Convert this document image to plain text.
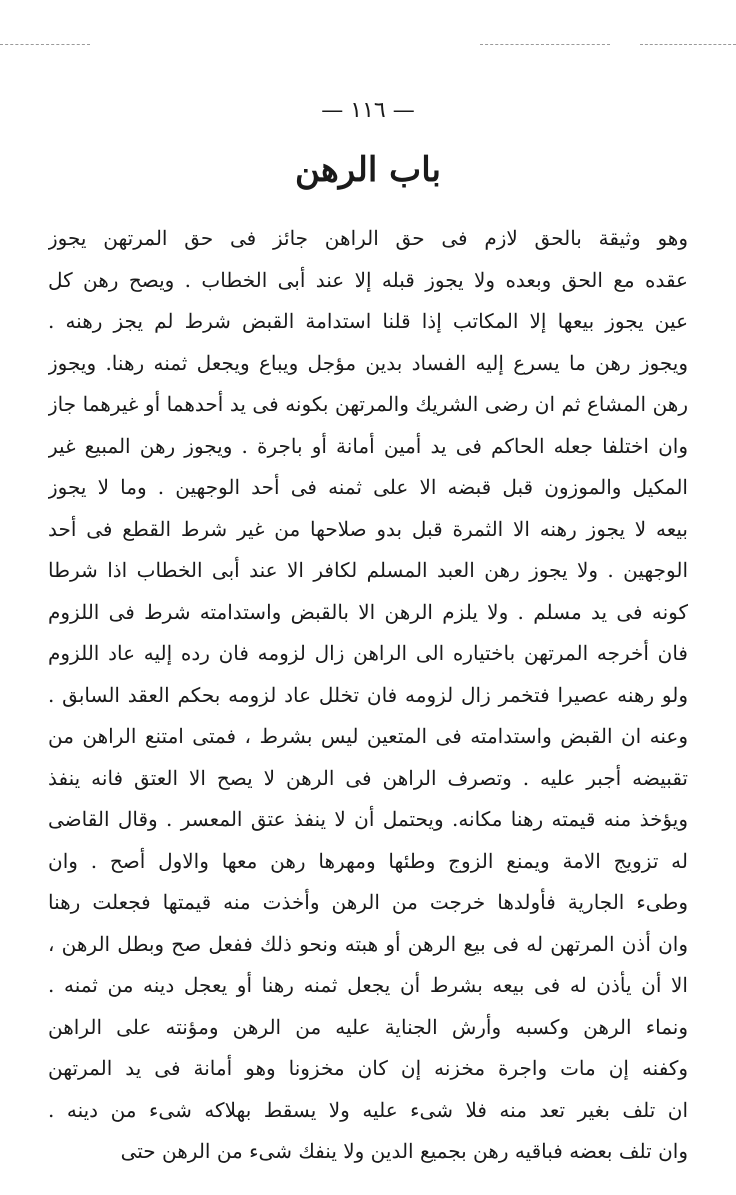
— ١١٦ —
باب الرهن
وهو وثيقة بالحق لازم فى حق الراهن جائز فى حق المرتهن يجوز
عقده مع الحق وبعده ولا يجوز قبله إلا عند أبى الخطاب . ويصح رهن كل
عين يجوز بيعها إلا المكاتب إذا قلنا استدامة القبض شرط لم يجز رهنه .
ويجوز رهن ما يسرع إليه الفساد بدين مؤجل ويباع ويجعل ثمنه رهنا. ويجوز
رهن المشاع ثم ان رضى الشريك والمرتهن بكونه فى يد أحدهما أو غيرهما جاز
وان اختلفا جعله الحاكم فى يد أمين أمانة أو باجرة . ويجوز رهن المبيع غير
المكيل والموزون قبل قبضه الا على ثمنه فى أحد الوجهين . وما لا يجوز
بيعه لا يجوز رهنه الا الثمرة قبل بدو صلاحها من غير شرط القطع فى أحد
الوجهين . ولا يجوز رهن العبد المسلم لكافر الا عند أبى الخطاب اذا شرطا
كونه فى يد مسلم . ولا يلزم الرهن الا بالقبض واستدامته شرط فى اللزوم
فان أخرجه المرتهن باختياره الى الراهن زال لزومه فان رده إليه عاد اللزوم
ولو رهنه عصيرا فتخمر زال لزومه فان تخلل عاد لزومه بحكم العقد السابق .
وعنه ان القبض واستدامته فى المتعين ليس بشرط ، فمتى امتنع الراهن من
تقبيضه أجبر عليه . وتصرف الراهن فى الرهن لا يصح الا العتق فانه ينفذ
ويؤخذ منه قيمته رهنا مكانه. ويحتمل أن لا ينفذ عتق المعسر . وقال القاضى
له تزويج الامة ويمنع الزوج وطئها ومهرها رهن معها والاول أصح . وان
وطىء الجارية فأولدها خرجت من الرهن وأخذت منه قيمتها فجعلت رهنا
وان أذن المرتهن له فى بيع الرهن أو هبته ونحو ذلك ففعل صح وبطل الرهن ،
الا أن يأذن له فى بيعه بشرط أن يجعل ثمنه رهنا أو يعجل دينه من ثمنه .
ونماء الرهن وكسبه وأرش الجناية عليه من الرهن ومؤنته على الراهن
وكفنه إن مات واجرة مخزنه إن كان مخزونا وهو أمانة فى يد المرتهن
ان تلف بغير تعد منه فلا شىء عليه ولا يسقط بهلاكه شىء من دينه .
وان تلف بعضه فباقيه رهن بجميع الدين ولا ينفك شىء من الرهن حتى
